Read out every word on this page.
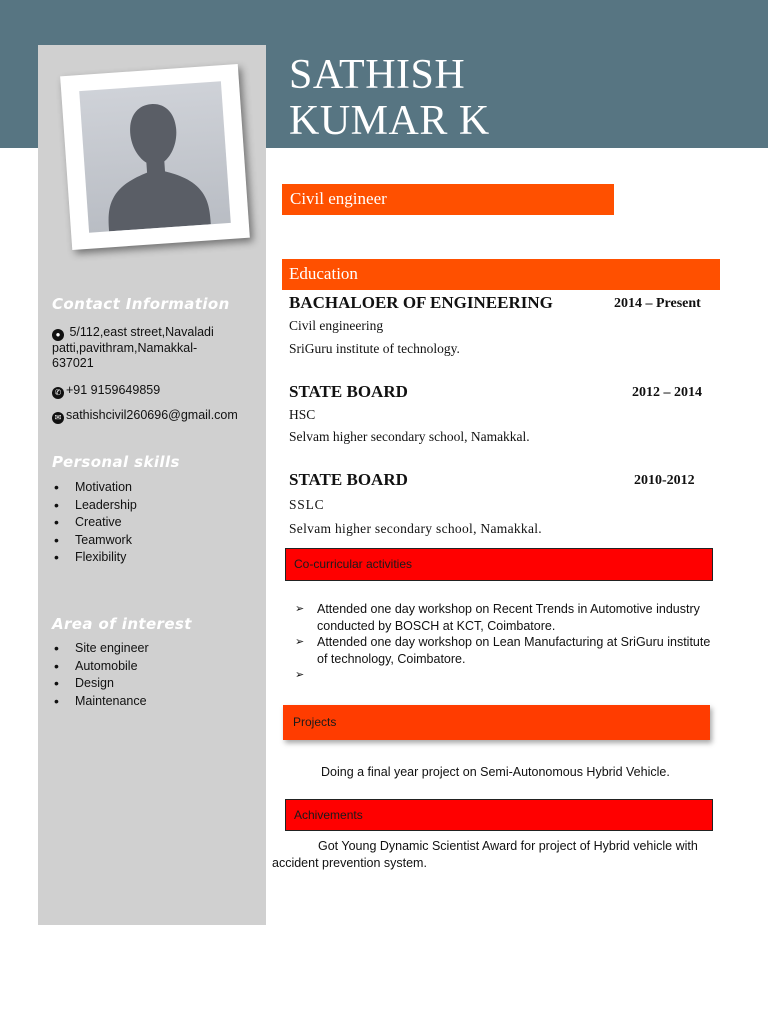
SATHISH
KUMAR K
Civil engineer
Contact Information
● 5/112,east street,Navaladi patti,pavithram,Namakkal-637021
✆ +91 9159649859
✉ sathishcivil260696@gmail.com
Personal skills
• Motivation
• Leadership
• Creative
• Teamwork
• Flexibility
Area of interest
• Site engineer
• Automobile
• Design
• Maintenance
Education
BACHALOER OF ENGINEERING	2014 – Present
Civil engineering
SriGuru institute of technology.
STATE BOARD	2012 – 2014
HSC
Selvam higher secondary school, Namakkal.
STATE BOARD	2010-2012
SSLC
Selvam higher secondary school, Namakkal.
Co-curricular activities
➢ Attended one day workshop on Recent Trends in Automotive industry conducted by BOSCH at KCT, Coimbatore.
➢ Attended one day workshop on Lean Manufacturing at SriGuru institute of technology, Coimbatore.
➢
Projects
Doing a final year project on Semi-Autonomous Hybrid Vehicle.
Achivements
Got Young Dynamic Scientist Award for project of Hybrid vehicle with accident prevention system.
